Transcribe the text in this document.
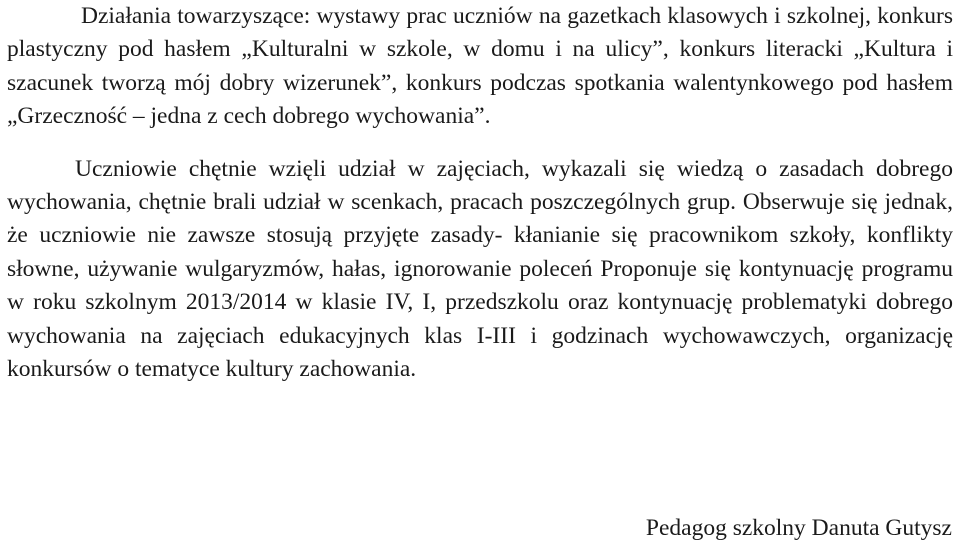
Działania towarzyszące: wystawy prac uczniów na gazetkach klasowych i szkolnej, konkurs plastyczny pod hasłem „Kulturalni w szkole, w domu i na ulicy”, konkurs literacki „Kultura i szacunek tworzą mój dobry wizerunek”, konkurs podczas spotkania walentynkowego pod hasłem „Grzeczność – jedna z cech dobrego wychowania”.

Uczniowie chętnie wzięli udział w zajęciach, wykazali się wiedzą o zasadach dobrego wychowania, chętnie brali udział w scenkach, pracach poszczególnych grup. Obserwuje się jednak, że uczniowie nie zawsze stosują przyjęte zasady- kłanianie się pracownikom szkoły, konflikty słowne, używanie wulgaryzmów, hałas, ignorowanie poleceń Proponuje się kontynuację programu w roku szkolnym 2013/2014 w klasie IV, I, przedszkolu oraz kontynuację problematyki dobrego wychowania na zajęciach edukacyjnych klas I-III i godzinach wychowawczych, organizację konkursów o tematyce kultury zachowania.

Pedagog szkolny Danuta Gutysz
